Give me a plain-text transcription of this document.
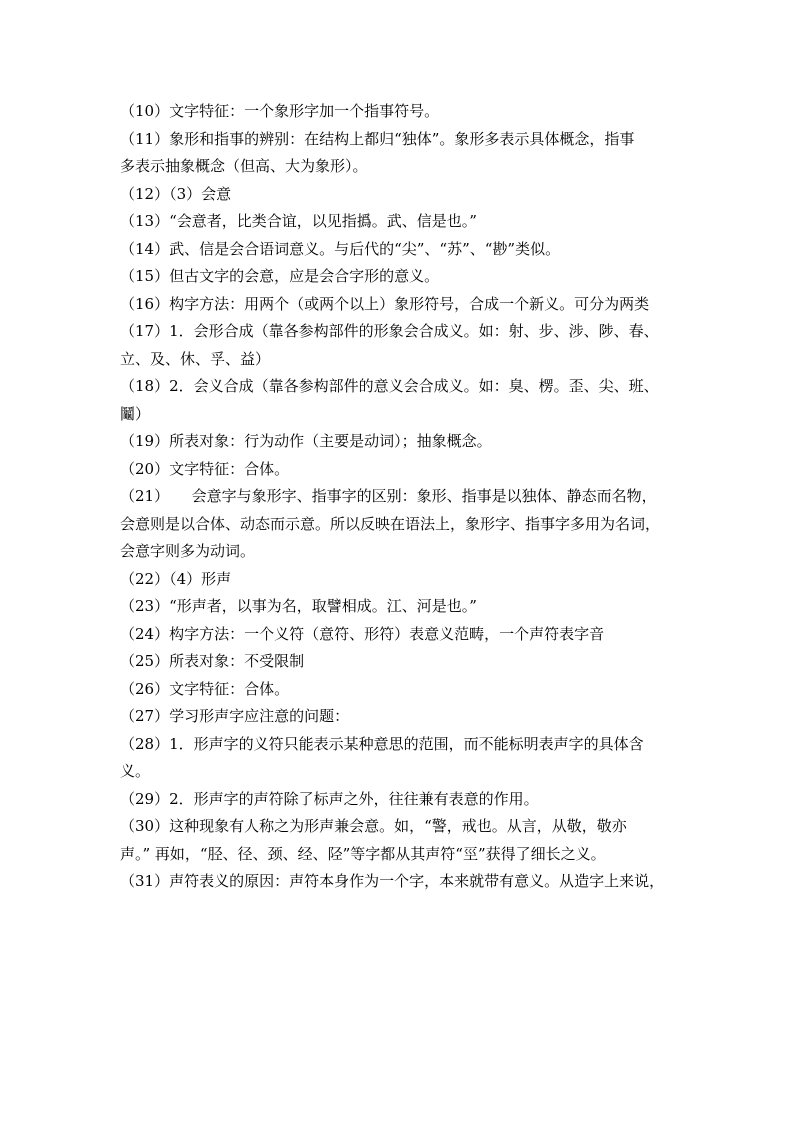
（10）文字特征：一个象形字加一个指事符号。

（11）象形和指事的辨别：在结构上都归“独体”。象形多表示具体概念，指事

多表示抽象概念（但高、大为象形）。

（12）（3）会意

（13）“会意者，比类合谊，以见指撝。武、信是也。”

（14）武、信是会合语词意义。与后代的“尖”、“苏”、“尠”类似。

（15）但古文字的会意，应是会合字形的意义。

（16）构字方法：用两个（或两个以上）象形符号，合成一个新义。可分为两类

（17）1．会形合成（靠各参构部件的形象会合成义。如：射、步、涉、陟、春、

立、及、休、孚、益）

（18）2．会义合成（靠各参构部件的意义会合成义。如：臭、楞。歪、尖、班、

鬮）

（19）所表对象：行为动作（主要是动词）；抽象概念。

（20）文字特征：合体。

（21）　　会意字与象形字、指事字的区别：象形、指事是以独体、静态而名物，

会意则是以合体、动态而示意。所以反映在语法上，象形字、指事字多用为名词，

会意字则多为动词。

（22）（4）形声

（23）“形声者，以事为名，取譬相成。江、河是也。”

（24）构字方法：一个义符（意符、形符）表意义范畴，一个声符表字音

（25）所表对象：不受限制

（26）文字特征：合体。

（27）学习形声字应注意的问题：

（28）1．形声字的义符只能表示某种意思的范围，而不能标明表声字的具体含

义。

（29）2．形声字的声符除了标声之外，往往兼有表意的作用。

（30）这种现象有人称之为形声兼会意。如，“警，戒也。从言，从敬，敬亦

声。” 再如，“胫、径、颈、经、陉”等字都从其声符“巠”获得了细长之义。

（31）声符表义的原因：声符本身作为一个字，本来就带有意义。从造字上来说，
